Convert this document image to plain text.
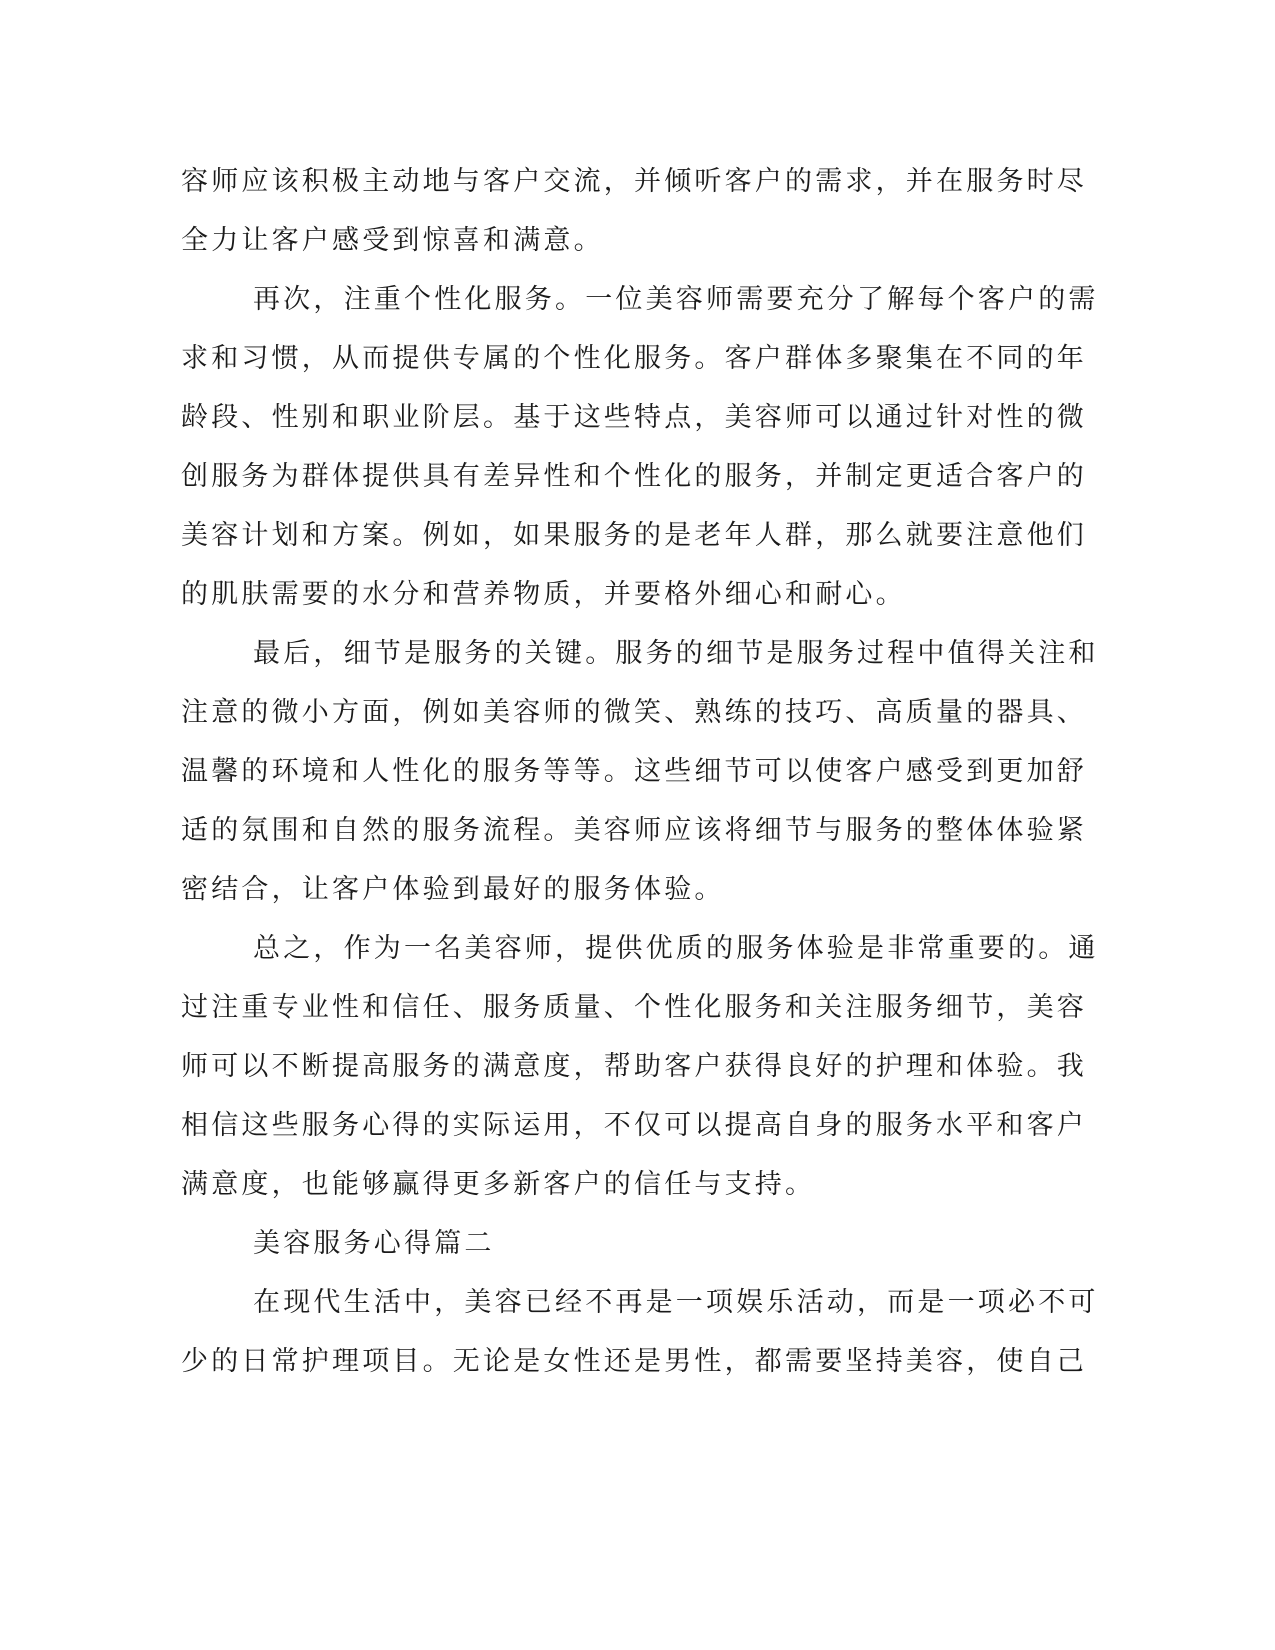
容师应该积极主动地与客户交流，并倾听客户的需求，并在服务时尽
全力让客户感受到惊喜和满意。
再次，注重个性化服务。一位美容师需要充分了解每个客户的需
求和习惯，从而提供专属的个性化服务。客户群体多聚集在不同的年
龄段、性别和职业阶层。基于这些特点，美容师可以通过针对性的微
创服务为群体提供具有差异性和个性化的服务，并制定更适合客户的
美容计划和方案。例如，如果服务的是老年人群，那么就要注意他们
的肌肤需要的水分和营养物质，并要格外细心和耐心。
最后，细节是服务的关键。服务的细节是服务过程中值得关注和
注意的微小方面，例如美容师的微笑、熟练的技巧、高质量的器具、
温馨的环境和人性化的服务等等。这些细节可以使客户感受到更加舒
适的氛围和自然的服务流程。美容师应该将细节与服务的整体体验紧
密结合，让客户体验到最好的服务体验。
总之，作为一名美容师，提供优质的服务体验是非常重要的。通
过注重专业性和信任、服务质量、个性化服务和关注服务细节，美容
师可以不断提高服务的满意度，帮助客户获得良好的护理和体验。我
相信这些服务心得的实际运用，不仅可以提高自身的服务水平和客户
满意度，也能够赢得更多新客户的信任与支持。
美容服务心得篇二
在现代生活中，美容已经不再是一项娱乐活动，而是一项必不可
少的日常护理项目。无论是女性还是男性，都需要坚持美容，使自己
